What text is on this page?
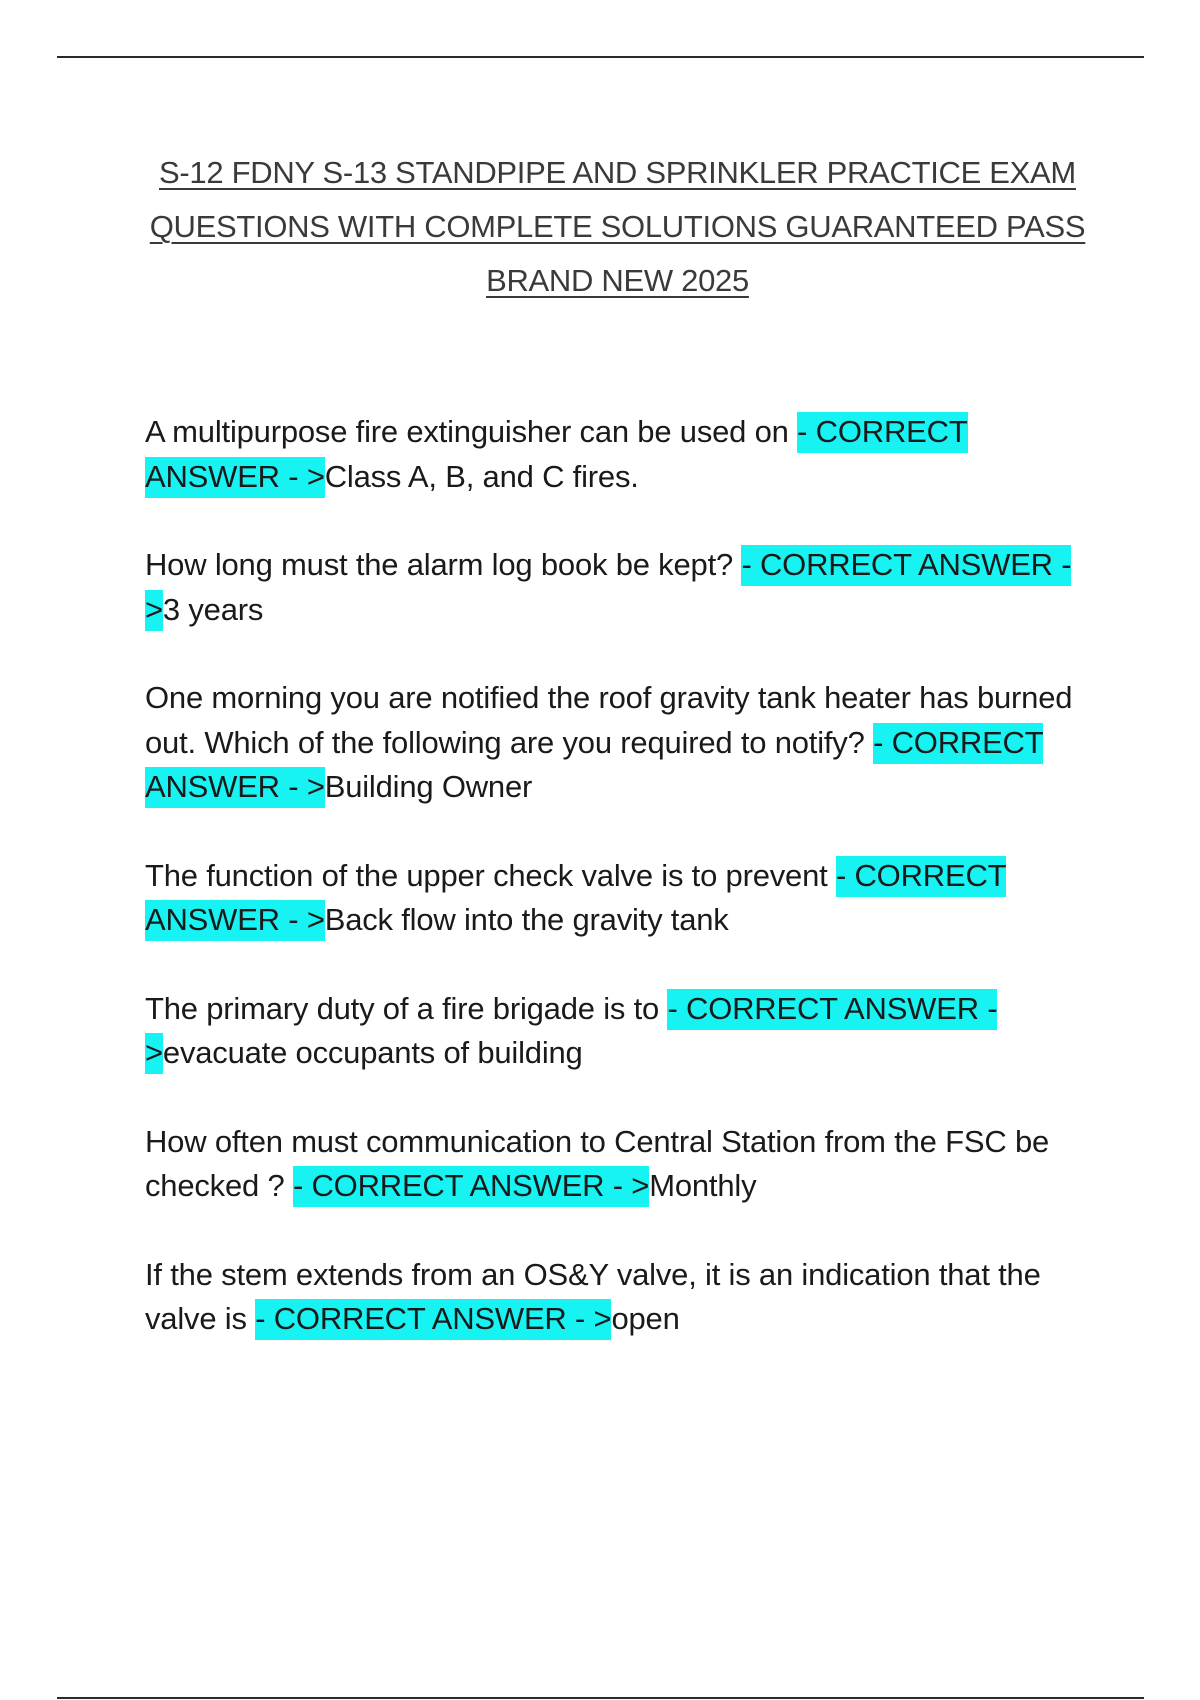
S-12 FDNY S-13 STANDPIPE AND SPRINKLER PRACTICE EXAM
QUESTIONS WITH COMPLETE SOLUTIONS GUARANTEED PASS
BRAND NEW 2025

A multipurpose fire extinguisher can be used on - CORRECT ANSWER - >Class A, B, and C fires.

How long must the alarm log book be kept? - CORRECT ANSWER - >3 years

One morning you are notified the roof gravity tank heater has burned out. Which of the following are you required to notify? - CORRECT ANSWER - >Building Owner

The function of the upper check valve is to prevent - CORRECT ANSWER - >Back flow into the gravity tank

The primary duty of a fire brigade is to - CORRECT ANSWER - >evacuate occupants of building

How often must communication to Central Station from the FSC be checked ? - CORRECT ANSWER - >Monthly

If the stem extends from an OS&Y valve, it is an indication that the valve is - CORRECT ANSWER - >open
